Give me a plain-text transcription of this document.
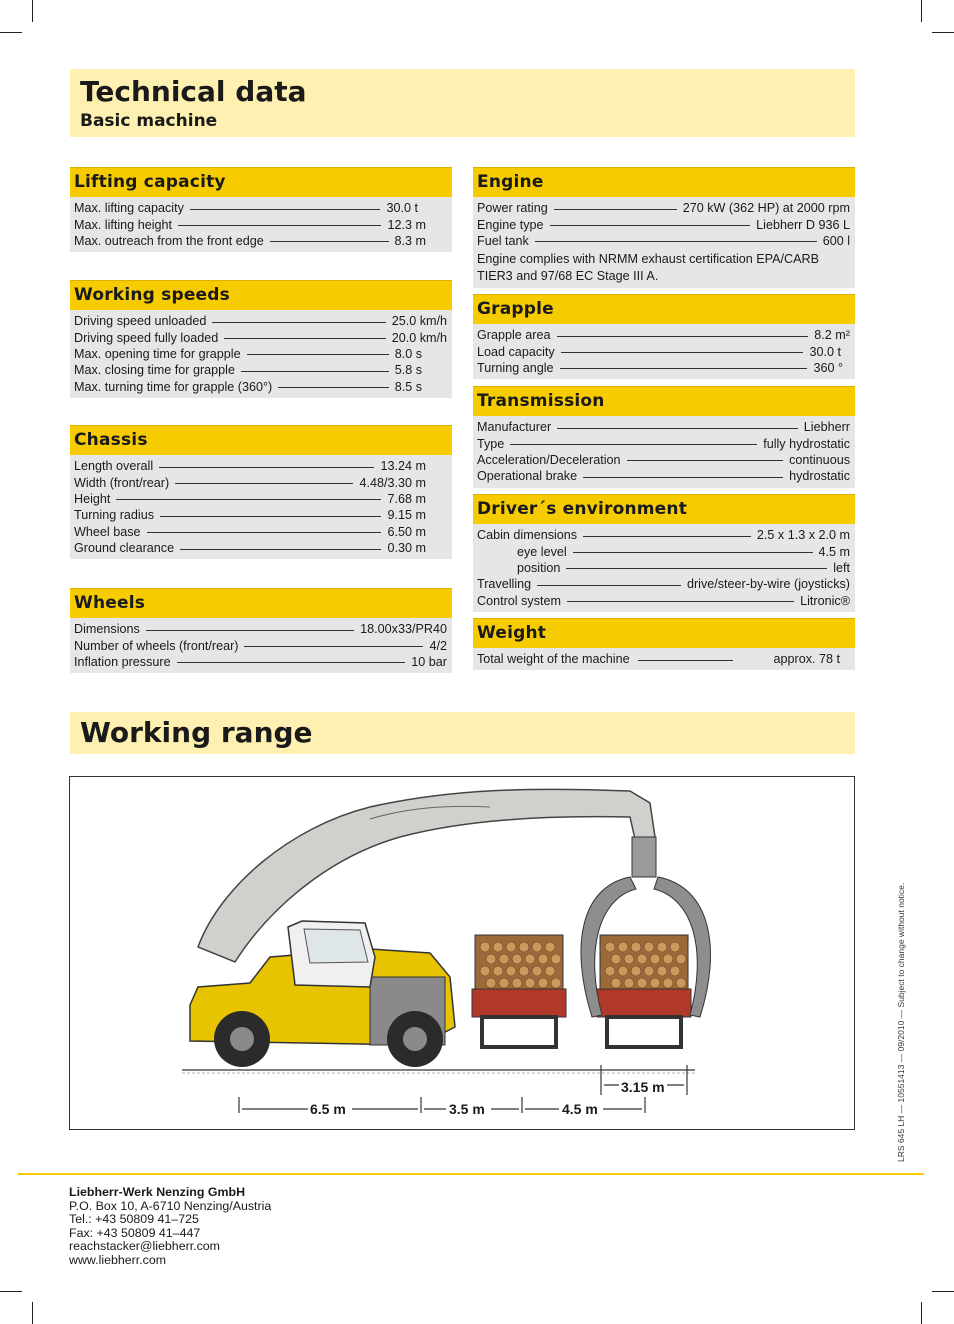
Technical data
Basic machine
Lifting capacity
Max. lifting capacity	30.0 t
Max. lifting height	12.3 m
Max. outreach from the front edge	8.3 m
Working speeds
Driving speed unloaded	25.0 km/h
Driving speed fully loaded	20.0 km/h
Max. opening time for grapple	8.0 s
Max. closing time for grapple	5.8 s
Max. turning time for grapple (360°)	8.5 s
Chassis
Length overall	13.24 m
Width (front/rear)	4.48/3.30 m
Height	7.68 m
Turning radius	9.15 m
Wheel base	6.50 m
Ground clearance	0.30 m
Wheels
Dimensions	18.00x33/PR40
Number of wheels (front/rear)	4/2
Inflation pressure	10 bar
Engine
Power rating	270 kW (362 HP) at 2000 rpm
Engine type	Liebherr D 936 L
Fuel tank	600 l
Engine complies with NRMM exhaust certification EPA/CARB TIER3 and 97/68 EC Stage III A.
Grapple
Grapple area	8.2 m²
Load capacity	30.0 t
Turning angle	360 °
Transmission
Manufacturer	Liebherr
Type	fully hydrostatic
Acceleration/Deceleration	continuous
Operational brake	hydrostatic
Driver´s environment
Cabin dimensions	2.5 x 1.3 x 2.0 m
eye level	4.5 m
position	left
Travelling	drive/steer-by-wire (joysticks)
Control system	Litronic®
Weight
Total weight of the machine	approx. 78 t
Working range
6.5 m	3.5 m	4.5 m
3.15 m	LRS 645 LH — 10551413 — 09/2010 — Subject to change without notice.
Liebherr-Werk Nenzing GmbH
P.O. Box 10, A-6710 Nenzing/Austria
Tel.: +43 50809 41–725
Fax: +43 50809 41–447
reachstacker@liebherr.com
www.liebherr.com
